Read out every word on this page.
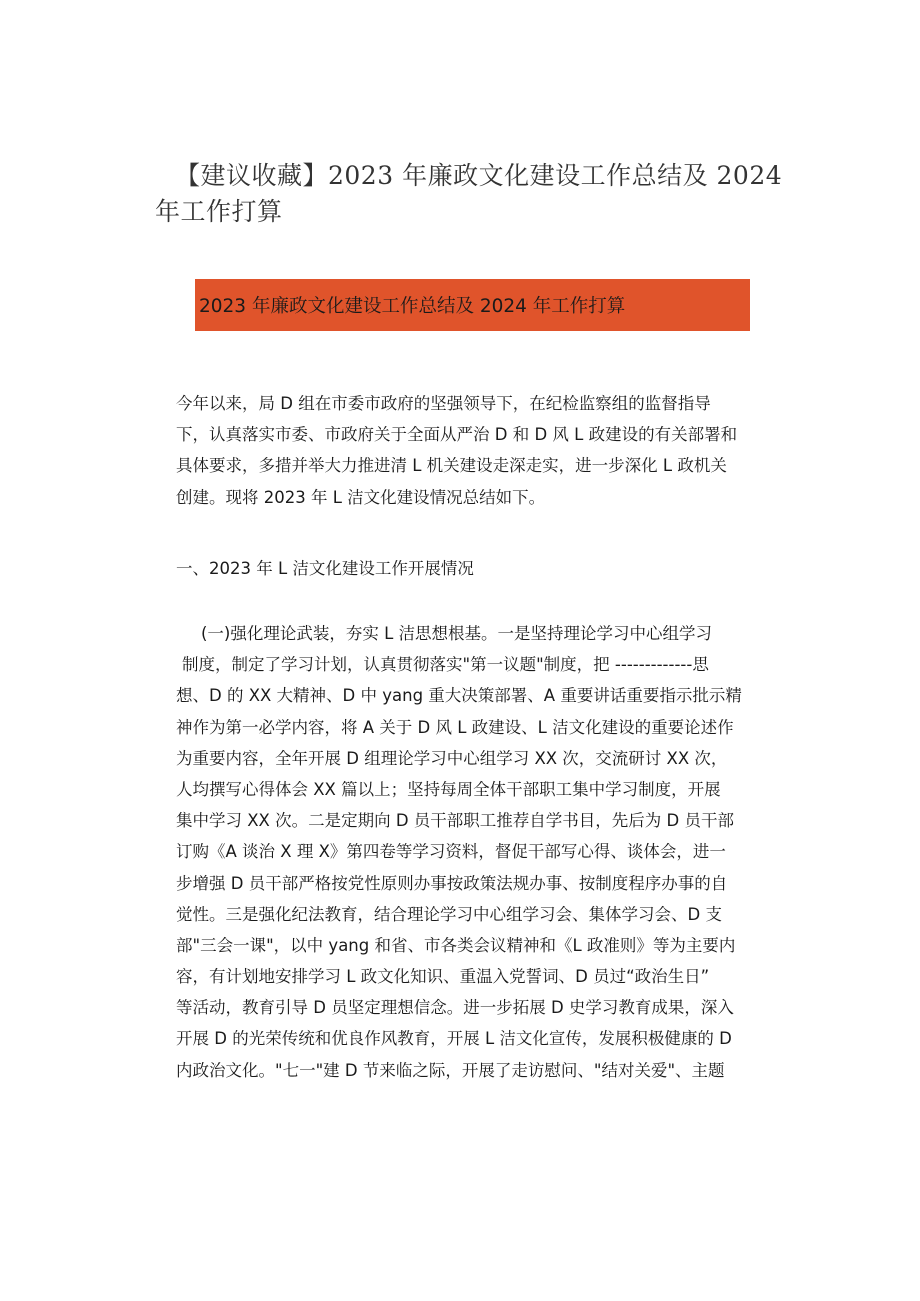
【建议收藏】2023 年廉政文化建设工作总结及 2024
年工作打算
2023 年廉政文化建设工作总结及 2024 年工作打算
今年以来，局 D 组在市委市政府的坚强领导下，在纪检监察组的监督指导
下，认真落实市委、市政府关于全面从严治 D 和 D 风 L 政建设的有关部署和
具体要求，多措并举大力推进清 L 机关建设走深走实，进一步深化 L 政机关
创建。现将 2023 年 L 洁文化建设情况总结如下。
一、2023 年 L 洁文化建设工作开展情况
(一)强化理论武装，夯实 L 洁思想根基。一是坚持理论学习中心组学习
制度，制定了学习计划，认真贯彻落实"第一议题"制度，把 -------------思
想、D 的 XX 大精神、D 中 yang 重大决策部署、A 重要讲话重要指示批示精
神作为第一必学内容，将 A 关于 D 风 L 政建设、L 洁文化建设的重要论述作
为重要内容，全年开展 D 组理论学习中心组学习 XX 次，交流研讨 XX 次，
人均撰写心得体会 XX 篇以上；坚持每周全体干部职工集中学习制度，开展
集中学习 XX 次。二是定期向 D 员干部职工推荐自学书目，先后为 D 员干部
订购《A 谈治 X 理 X》第四卷等学习资料，督促干部写心得、谈体会，进一
步增强 D 员干部严格按党性原则办事按政策法规办事、按制度程序办事的自
觉性。三是强化纪法教育，结合理论学习中心组学习会、集体学习会、D 支
部"三会一课"，以中 yang 和省、市各类会议精神和《L 政准则》等为主要内
容，有计划地安排学习 L 政文化知识、重温入党誓词、D 员过“政治生日”
等活动，教育引导 D 员坚定理想信念。进一步拓展 D 史学习教育成果，深入
开展 D 的光荣传统和优良作风教育，开展 L 洁文化宣传，发展积极健康的 D
内政治文化。"七一"建 D 节来临之际，开展了走访慰问、"结对关爱"、主题
